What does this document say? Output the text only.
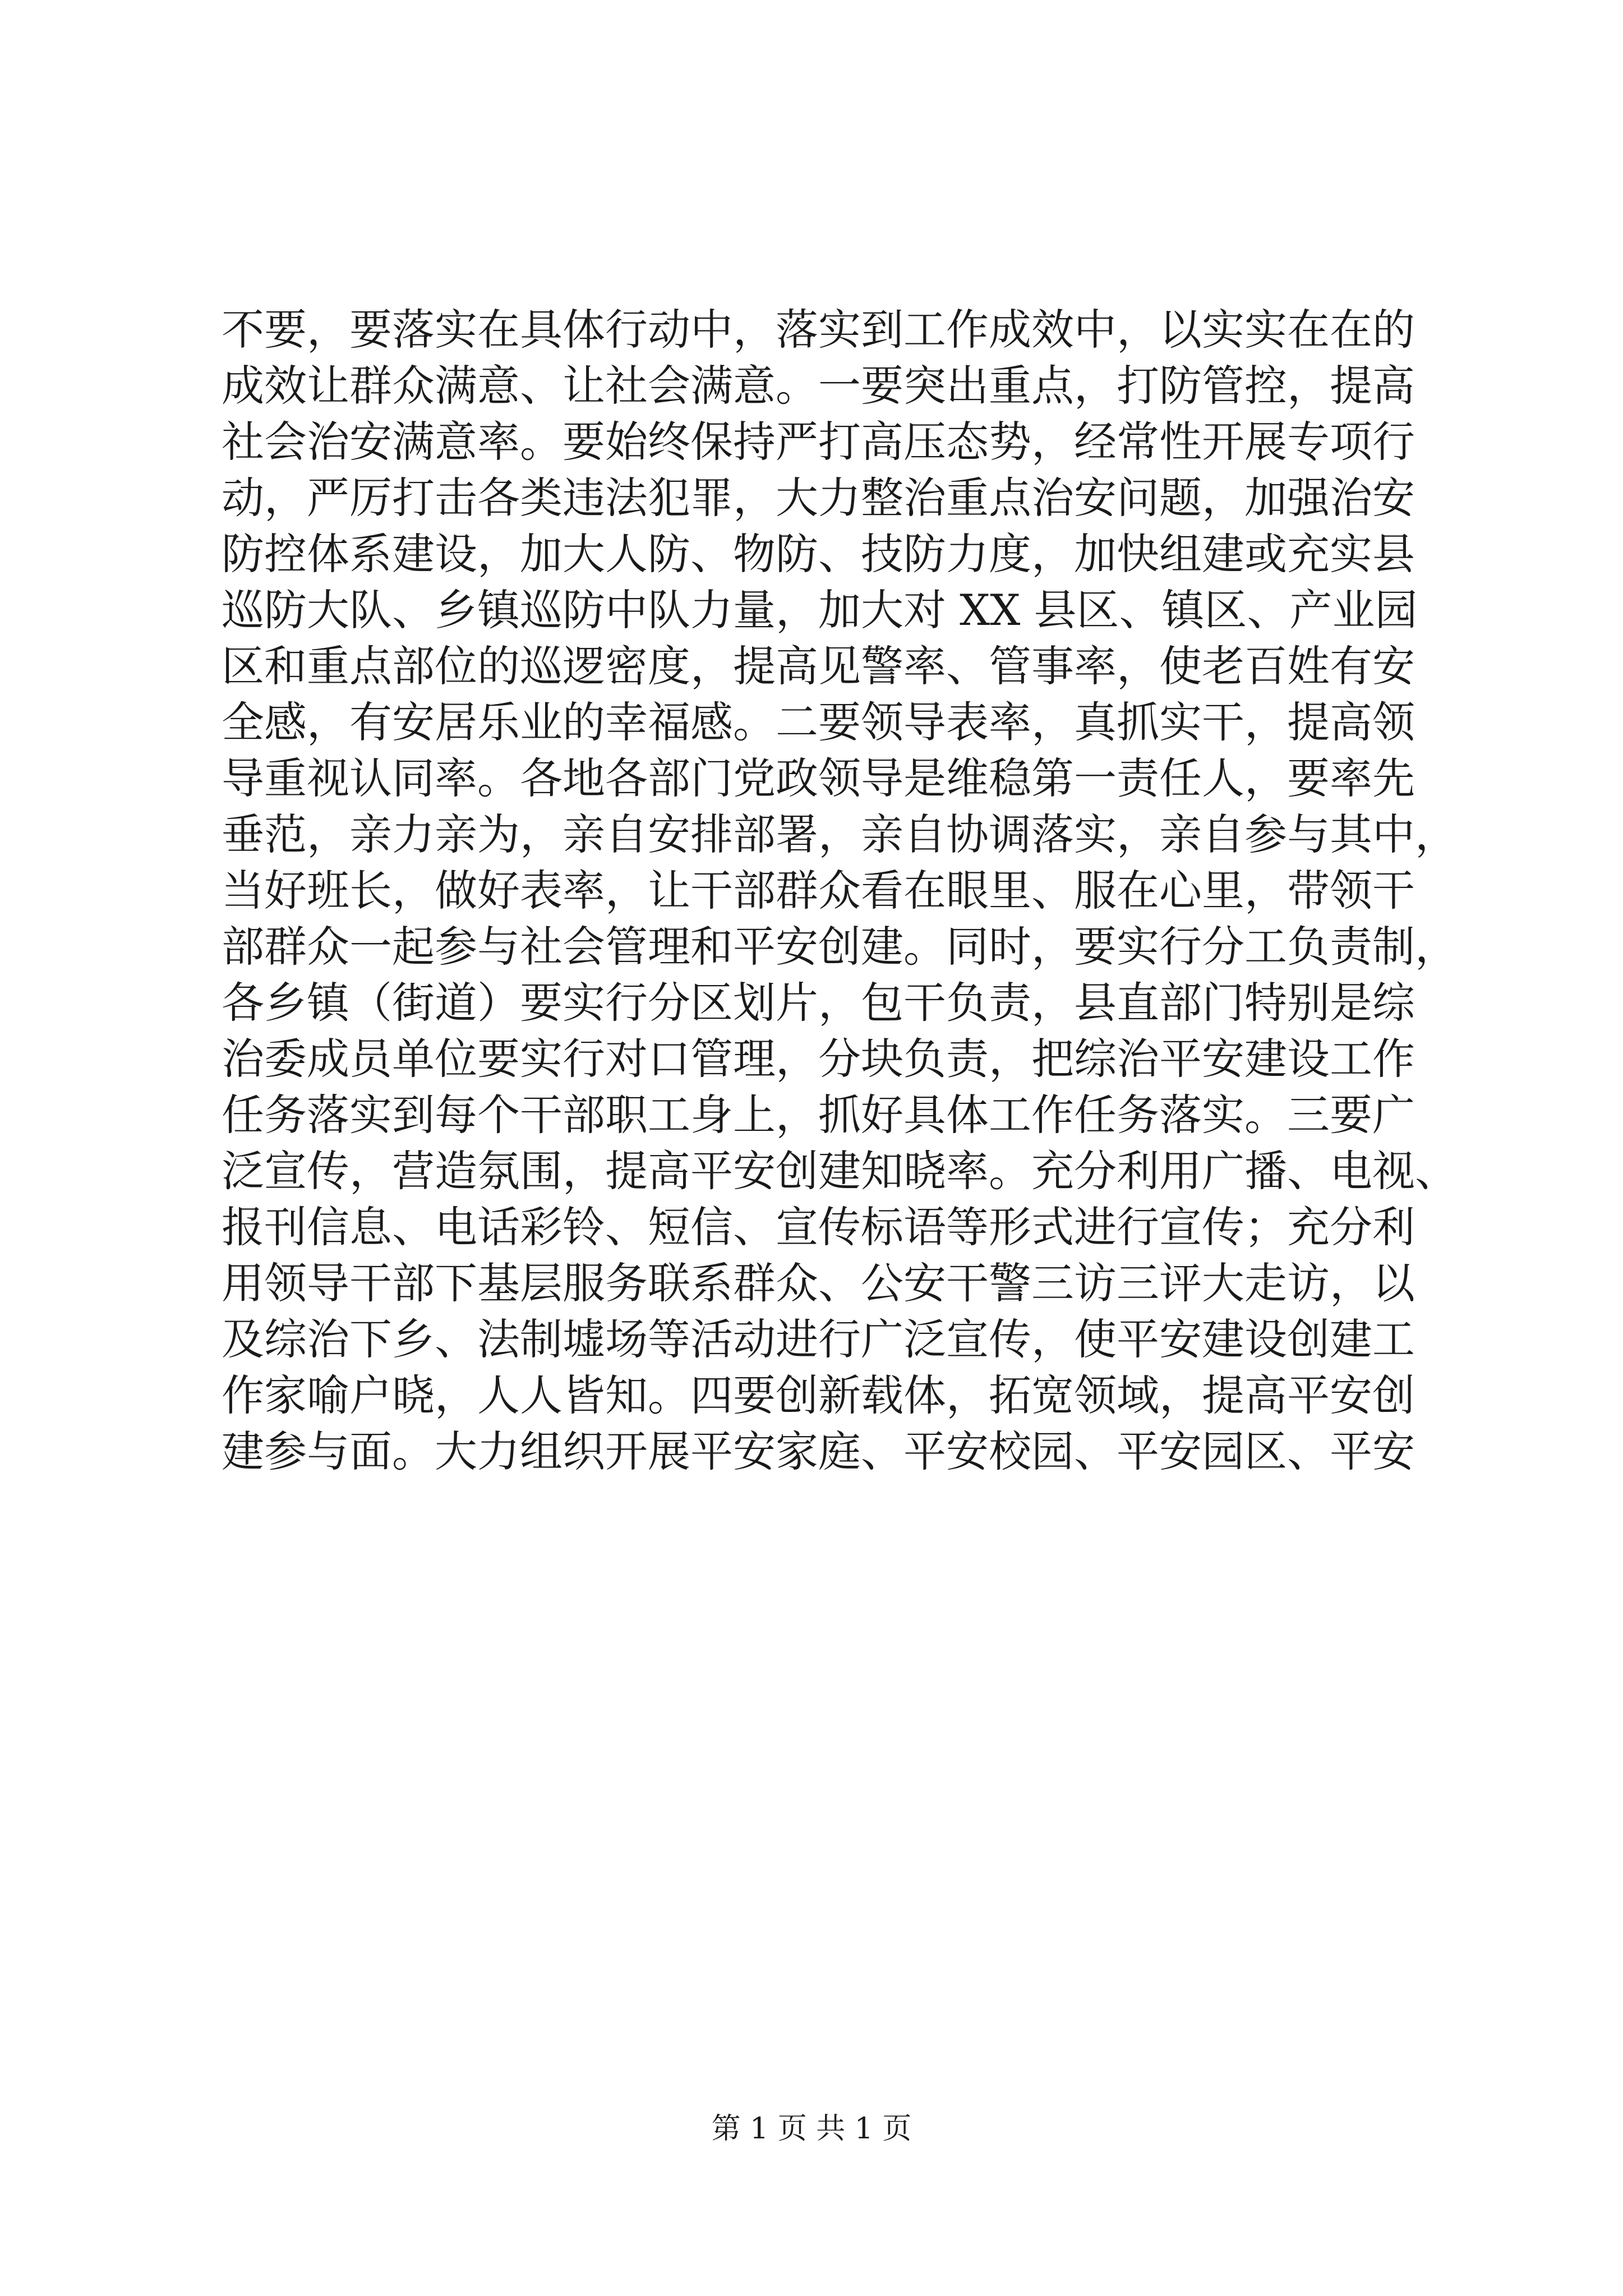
不要，要落实在具体行动中，落实到工作成效中，以实实在在的
成效让群众满意、让社会满意。一要突出重点，打防管控，提高
社会治安满意率。要始终保持严打高压态势，经常性开展专项行
动，严厉打击各类违法犯罪，大力整治重点治安问题，加强治安
防控体系建设，加大人防、物防、技防力度，加快组建或充实县
巡防大队、乡镇巡防中队力量，加大对 XX 县区、镇区、产业园
区和重点部位的巡逻密度，提高见警率、管事率，使老百姓有安
全感，有安居乐业的幸福感。二要领导表率，真抓实干，提高领
导重视认同率。各地各部门党政领导是维稳第一责任人，要率先
垂范，亲力亲为，亲自安排部署，亲自协调落实，亲自参与其中，
当好班长，做好表率，让干部群众看在眼里、服在心里，带领干
部群众一起参与社会管理和平安创建。同时，要实行分工负责制，
各乡镇（街道）要实行分区划片，包干负责，县直部门特别是综
治委成员单位要实行对口管理，分块负责，把综治平安建设工作
任务落实到每个干部职工身上，抓好具体工作任务落实。三要广
泛宣传，营造氛围，提高平安创建知晓率。充分利用广播、电视、
报刊信息、电话彩铃、短信、宣传标语等形式进行宣传；充分利
用领导干部下基层服务联系群众、公安干警三访三评大走访，以
及综治下乡、法制墟场等活动进行广泛宣传，使平安建设创建工
作家喻户晓，人人皆知。四要创新载体，拓宽领域，提高平安创
建参与面。大力组织开展平安家庭、平安校园、平安园区、平安
第 1 页 共 1 页
